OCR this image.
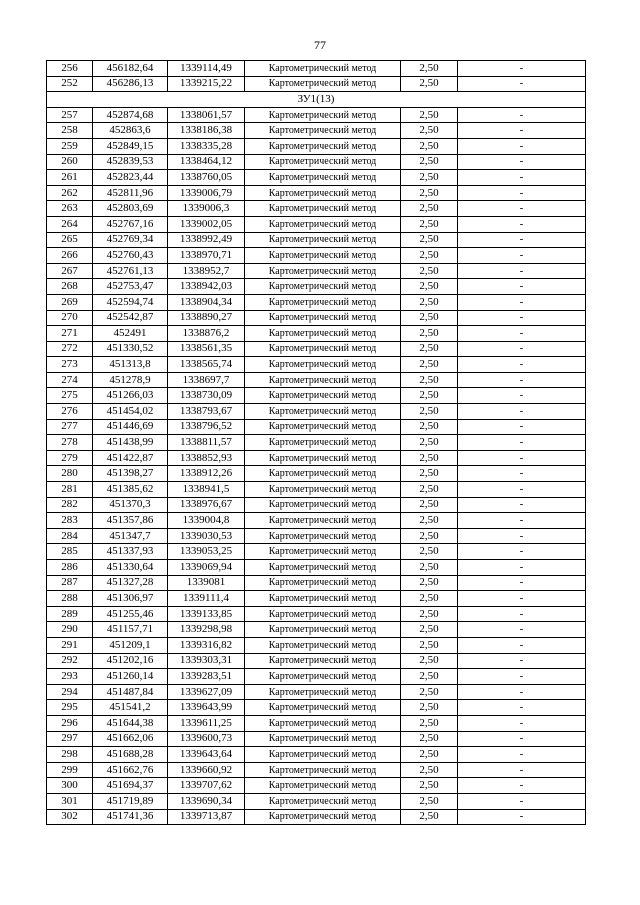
77
256	456182,64	1339114,49	Картометрический метод	2,50	-
252	456286,13	1339215,22	Картометрический метод	2,50	-
ЗУ1(13)					
257	452874,68	1338061,57	Картометрический метод	2,50	-
258	452863,6	1338186,38	Картометрический метод	2,50	-
259	452849,15	1338335,28	Картометрический метод	2,50	-
260	452839,53	1338464,12	Картометрический метод	2,50	-
261	452823,44	1338760,05	Картометрический метод	2,50	-
262	452811,96	1339006,79	Картометрический метод	2,50	-
263	452803,69	1339006,3	Картометрический метод	2,50	-
264	452767,16	1339002,05	Картометрический метод	2,50	-
265	452769,34	1338992,49	Картометрический метод	2,50	-
266	452760,43	1338970,71	Картометрический метод	2,50	-
267	452761,13	1338952,7	Картометрический метод	2,50	-
268	452753,47	1338942,03	Картометрический метод	2,50	-
269	452594,74	1338904,34	Картометрический метод	2,50	-
270	452542,87	1338890,27	Картометрический метод	2,50	-
271	452491	1338876,2	Картометрический метод	2,50	-
272	451330,52	1338561,35	Картометрический метод	2,50	-
273	451313,8	1338565,74	Картометрический метод	2,50	-
274	451278,9	1338697,7	Картометрический метод	2,50	-
275	451266,03	1338730,09	Картометрический метод	2,50	-
276	451454,02	1338793,67	Картометрический метод	2,50	-
277	451446,69	1338796,52	Картометрический метод	2,50	-
278	451438,99	1338811,57	Картометрический метод	2,50	-
279	451422,87	1338852,93	Картометрический метод	2,50	-
280	451398,27	1338912,26	Картометрический метод	2,50	-
281	451385,62	1338941,5	Картометрический метод	2,50	-
282	451370,3	1338976,67	Картометрический метод	2,50	-
283	451357,86	1339004,8	Картометрический метод	2,50	-
284	451347,7	1339030,53	Картометрический метод	2,50	-
285	451337,93	1339053,25	Картометрический метод	2,50	-
286	451330,64	1339069,94	Картометрический метод	2,50	-
287	451327,28	1339081	Картометрический метод	2,50	-
288	451306,97	1339111,4	Картометрический метод	2,50	-
289	451255,46	1339133,85	Картометрический метод	2,50	-
290	451157,71	1339298,98	Картометрический метод	2,50	-
291	451209,1	1339316,82	Картометрический метод	2,50	-
292	451202,16	1339303,31	Картометрический метод	2,50	-
293	451260,14	1339283,51	Картометрический метод	2,50	-
294	451487,84	1339627,09	Картометрический метод	2,50	-
295	451541,2	1339643,99	Картометрический метод	2,50	-
296	451644,38	1339611,25	Картометрический метод	2,50	-
297	451662,06	1339600,73	Картометрический метод	2,50	-
298	451688,28	1339643,64	Картометрический метод	2,50	-
299	451662,76	1339660,92	Картометрический метод	2,50	-
300	451694,37	1339707,62	Картометрический метод	2,50	-
301	451719,89	1339690,34	Картометрический метод	2,50	-
302	451741,36	1339713,87	Картометрический метод	2,50	-
